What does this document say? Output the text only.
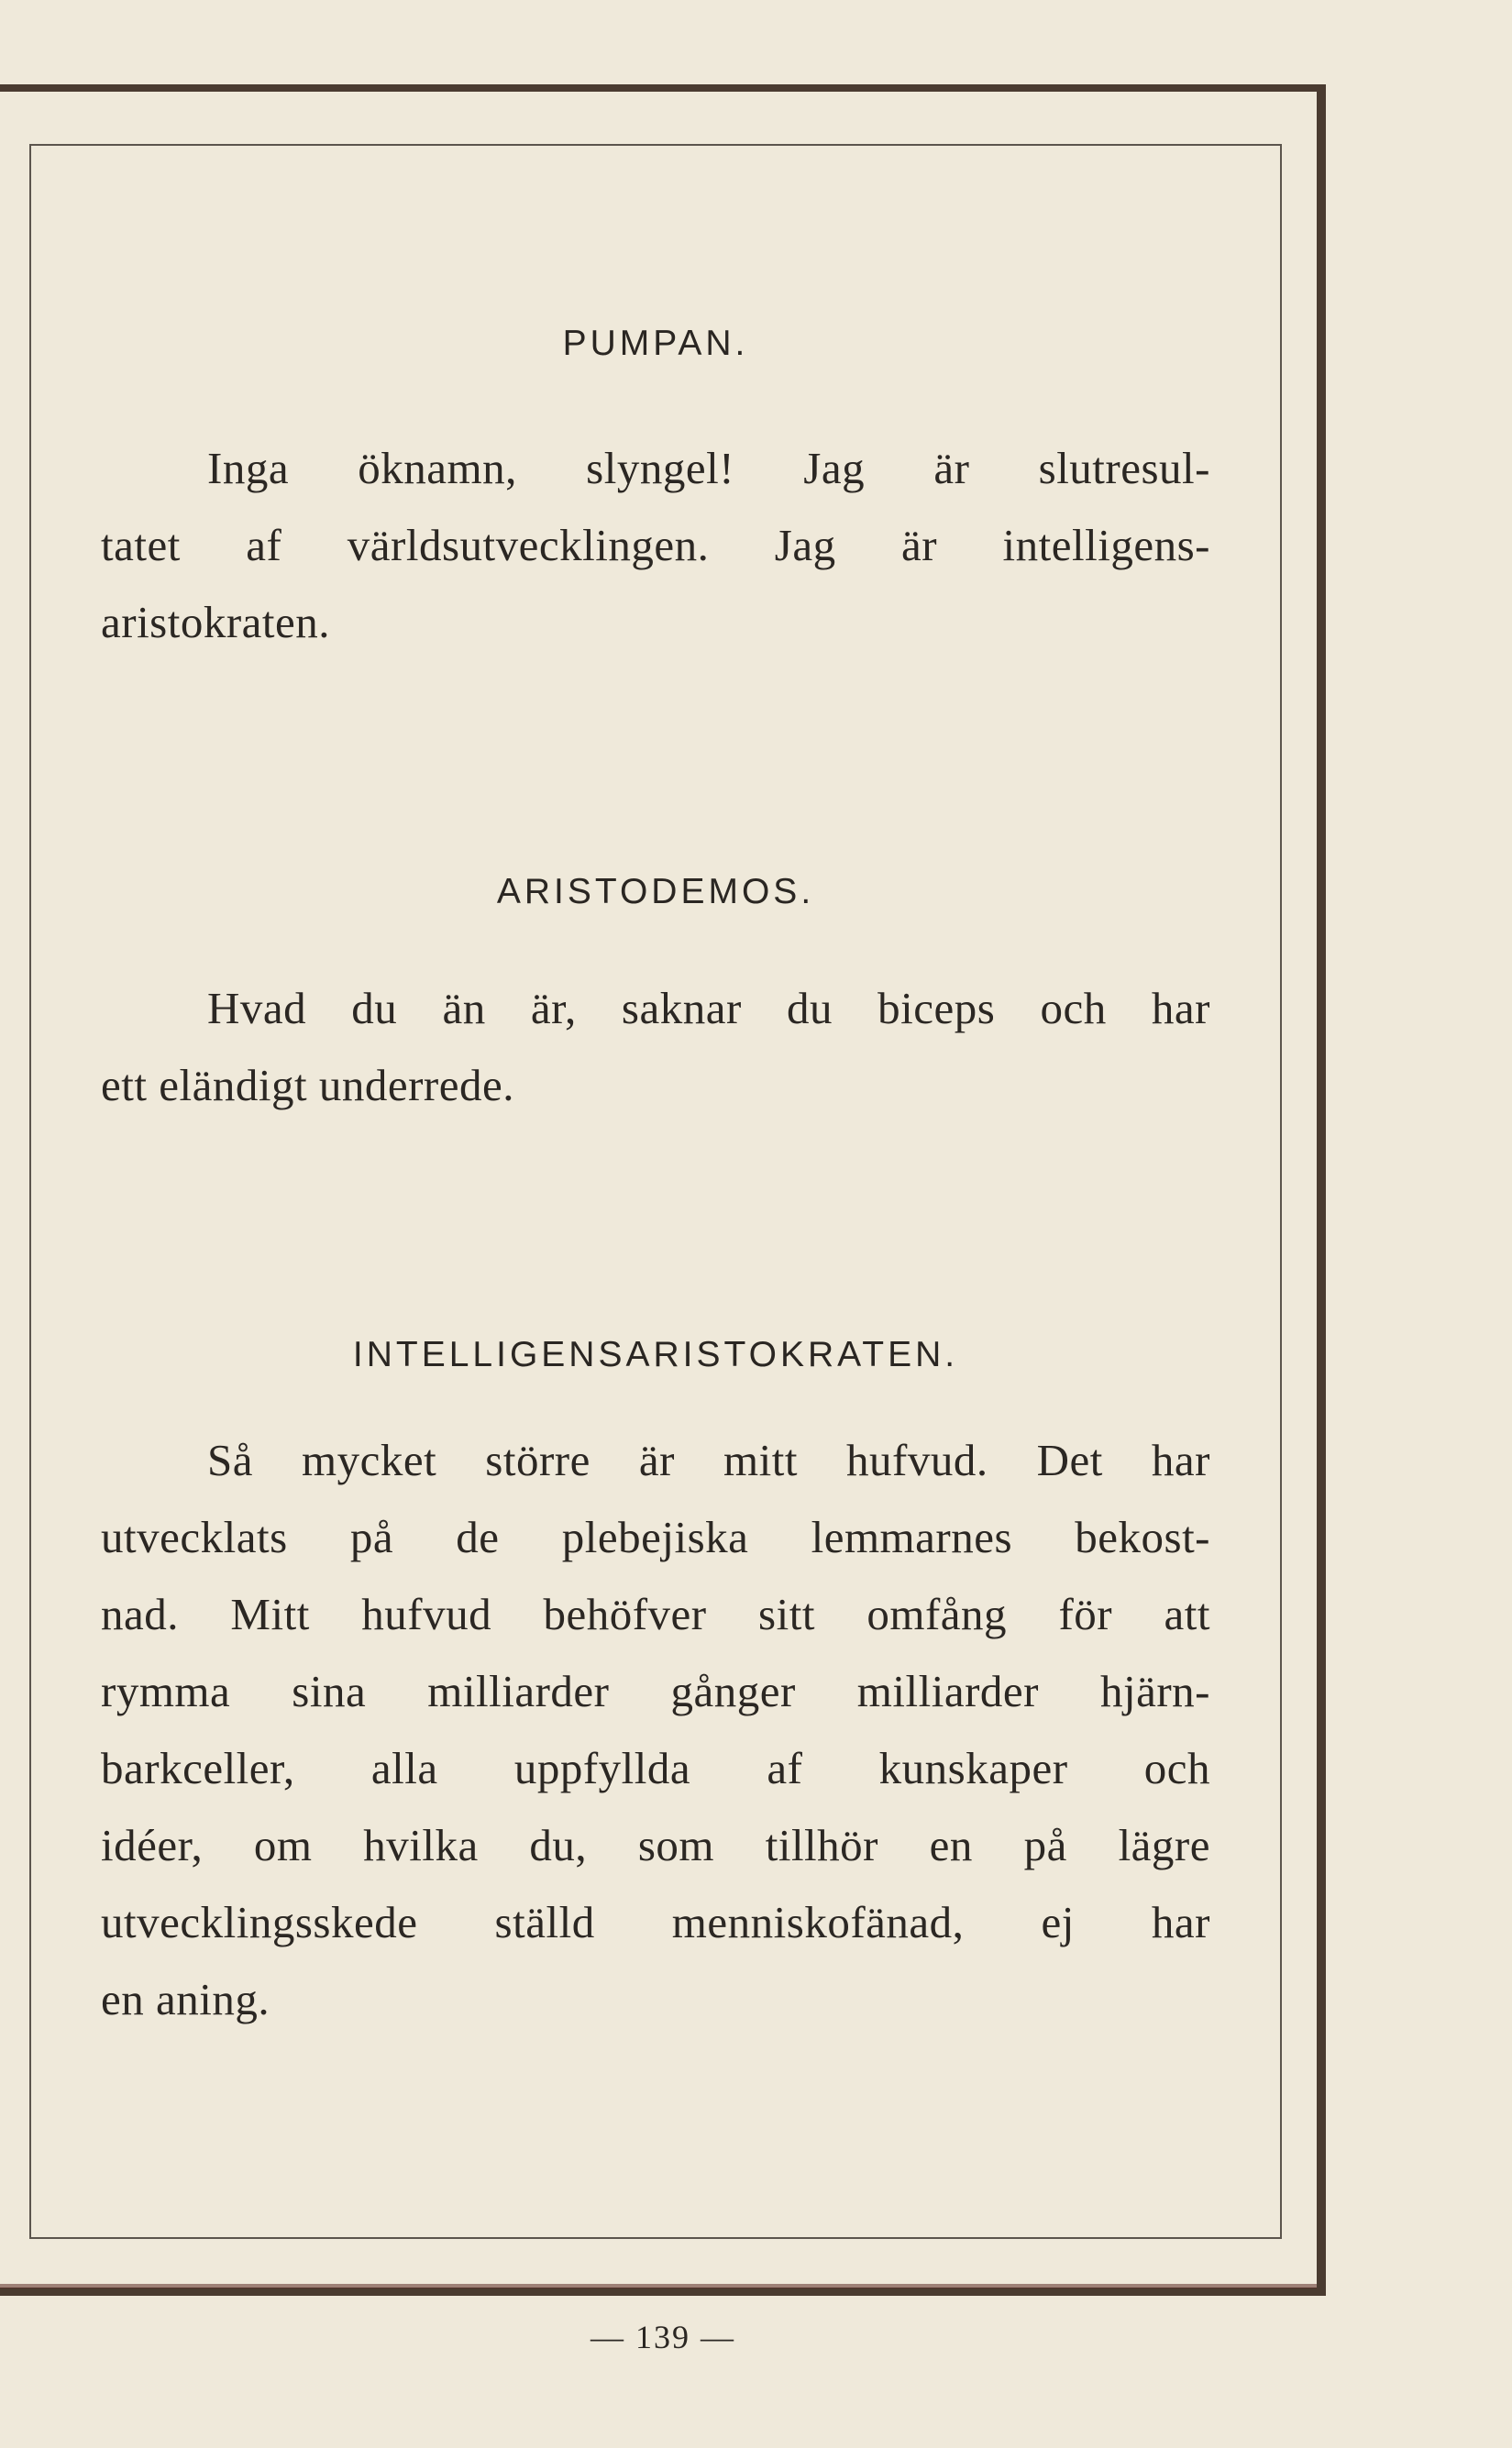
PUMPAN.

Inga öknamn, slyngel! Jag är slutresul-
tatet af världsutvecklingen. Jag är intelligens-
aristokraten.

ARISTODEMOS.

Hvad du än är, saknar du biceps och har
ett eländigt underrede.

INTELLIGENSARISTOKRATEN.

Så mycket större är mitt hufvud. Det har
utvecklats på de plebejiska lemmarnes bekost-
nad. Mitt hufvud behöfver sitt omfång för att
rymma sina milliarder gånger milliarder hjärn-
barkceller, alla uppfyllda af kunskaper och
idéer, om hvilka du, som tillhör en på lägre
utvecklingsskede ställd menniskofänad, ej har
en aning.

— 139 —
